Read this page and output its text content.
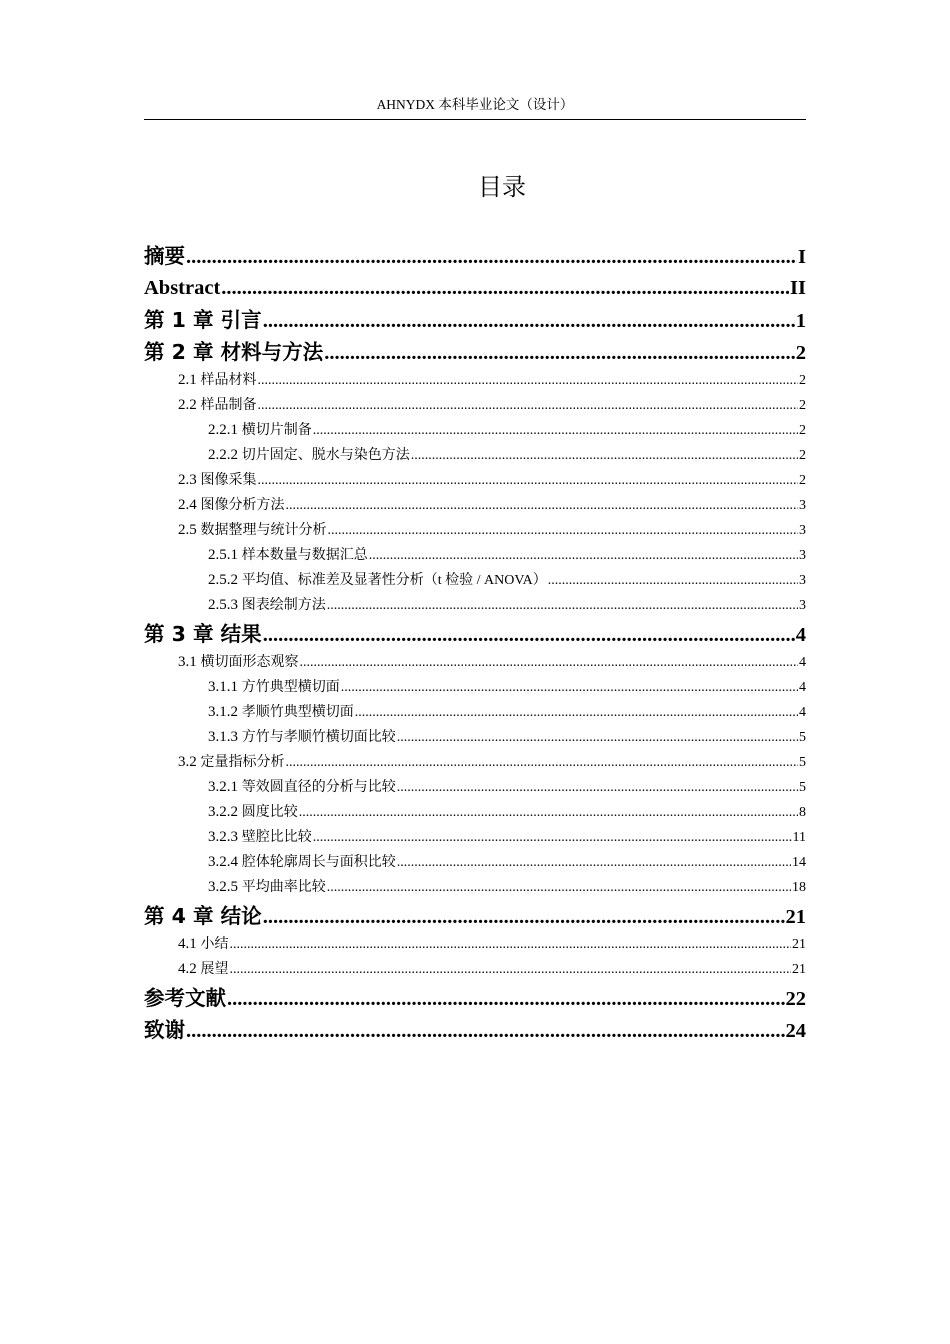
AHNYDX 本科毕业论文（设计）
目录
摘要 .....	I
Abstract .....	II
第 1 章 引言 .....	1
第 2 章 材料与方法 .....	2
2.1 样品材料 .....	2
2.2 样品制备 .....	2
2.2.1 横切片制备 .....	2
2.2.2 切片固定、脱水与染色方法 .....	2
2.3 图像采集 .....	2
2.4 图像分析方法 .....	3
2.5 数据整理与统计分析 .....	3
2.5.1 样本数量与数据汇总 .....	3
2.5.2 平均值、标准差及显著性分析（t 检验 / ANOVA） .....	3
2.5.3 图表绘制方法 .....	3
第 3 章 结果 .....	4
3.1 横切面形态观察 .....	4
3.1.1 方竹典型横切面 .....	4
3.1.2 孝顺竹典型横切面 .....	4
3.1.3 方竹与孝顺竹横切面比较 .....	5
3.2 定量指标分析 .....	5
3.2.1 等效圆直径的分析与比较 .....	5
3.2.2 圆度比较 .....	8
3.2.3 壁腔比比较 .....	11
3.2.4 腔体轮廓周长与面积比较 .....	14
3.2.5 平均曲率比较 .....	18
第 4 章 结论 .....	21
4.1 小结 .....	21
4.2 展望 .....	21
参考文献 .....	22
致谢 .....	24
